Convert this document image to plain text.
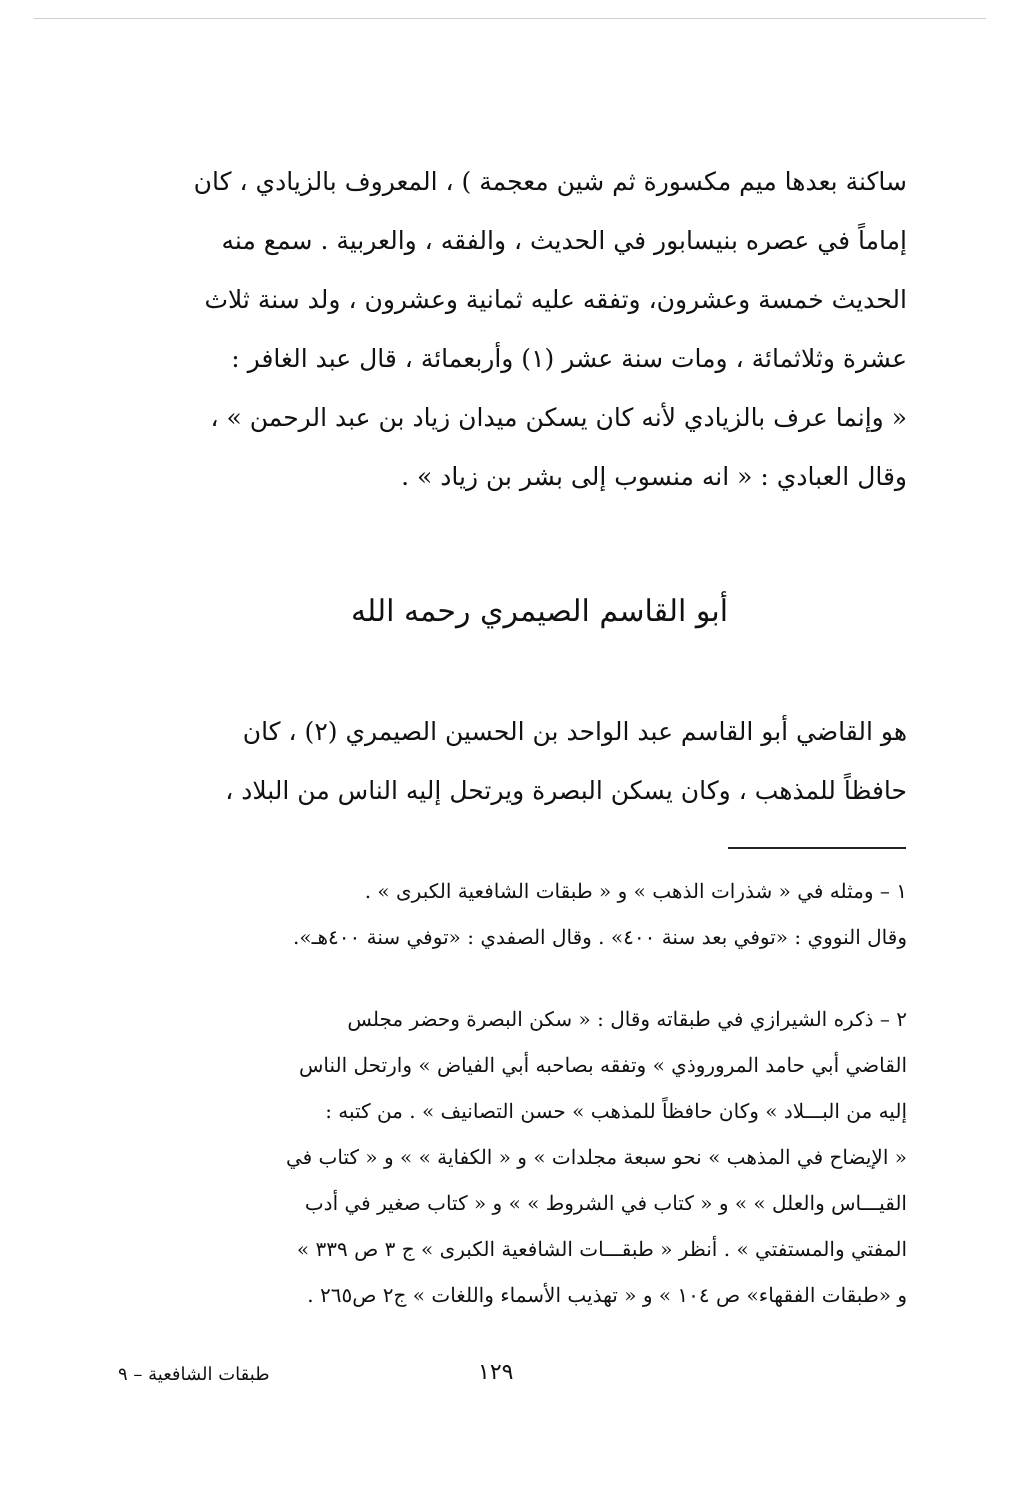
ساكنة بعدها ميم مكسورة ثم شين معجمة ) ، المعروف بالزيادي ، كان
إماماً في عصره بنيسابور في الحديث ، والفقه ، والعربية . سمع منه
الحديث خمسة وعشرون، وتفقه عليه ثمانية وعشرون ، ولد سنة ثلاث
عشرة وثلاثمائة ، ومات سنة عشر (١) وأربعمائة ، قال عبد الغافر :
« وإنما عرف بالزيادي لأنه كان يسكن ميدان زياد بن عبد الرحمن » ،
وقال العبادي : « انه منسوب إلى بشر بن زياد » .
أبو القاسم الصيمري رحمه الله
هو القاضي أبو القاسم عبد الواحد بن الحسين الصيمري (٢) ، كان
حافظاً للمذهب ، وكان يسكن البصرة ويرتحل إليه الناس من البلاد ،
١ – ومثله في « شذرات الذهب » و « طبقات الشافعية الكبرى » .
وقال النووي : «توفي بعد سنة ٤٠٠» . وقال الصفدي : «توفي سنة ٤٠٠هـ».
٢ – ذكره الشيرازي في طبقاته وقال : « سكن البصرة وحضر مجلس
القاضي أبي حامد المروروذي » وتفقه بصاحبه أبي الفياض » وارتحل الناس
إليه من البـــلاد » وكان حافظاً للمذهب » حسن التصانيف » . من كتبه :
« الإيضاح في المذهب » نحو سبعة مجلدات » و « الكفاية » » و « كتاب في
القيـــاس والعلل » » و « كتاب في الشروط » » و « كتاب صغير في أدب
المفتي والمستفتي » . أنظر « طبقـــات الشافعية الكبرى » ج ٣ ص ٣٣٩ »
و «طبقات الفقهاء» ص ١٠٤ » و « تهذيب الأسماء واللغات » ج٢ ص٢٦٥ .
١٢٩
طبقات الشافعية – ٩
